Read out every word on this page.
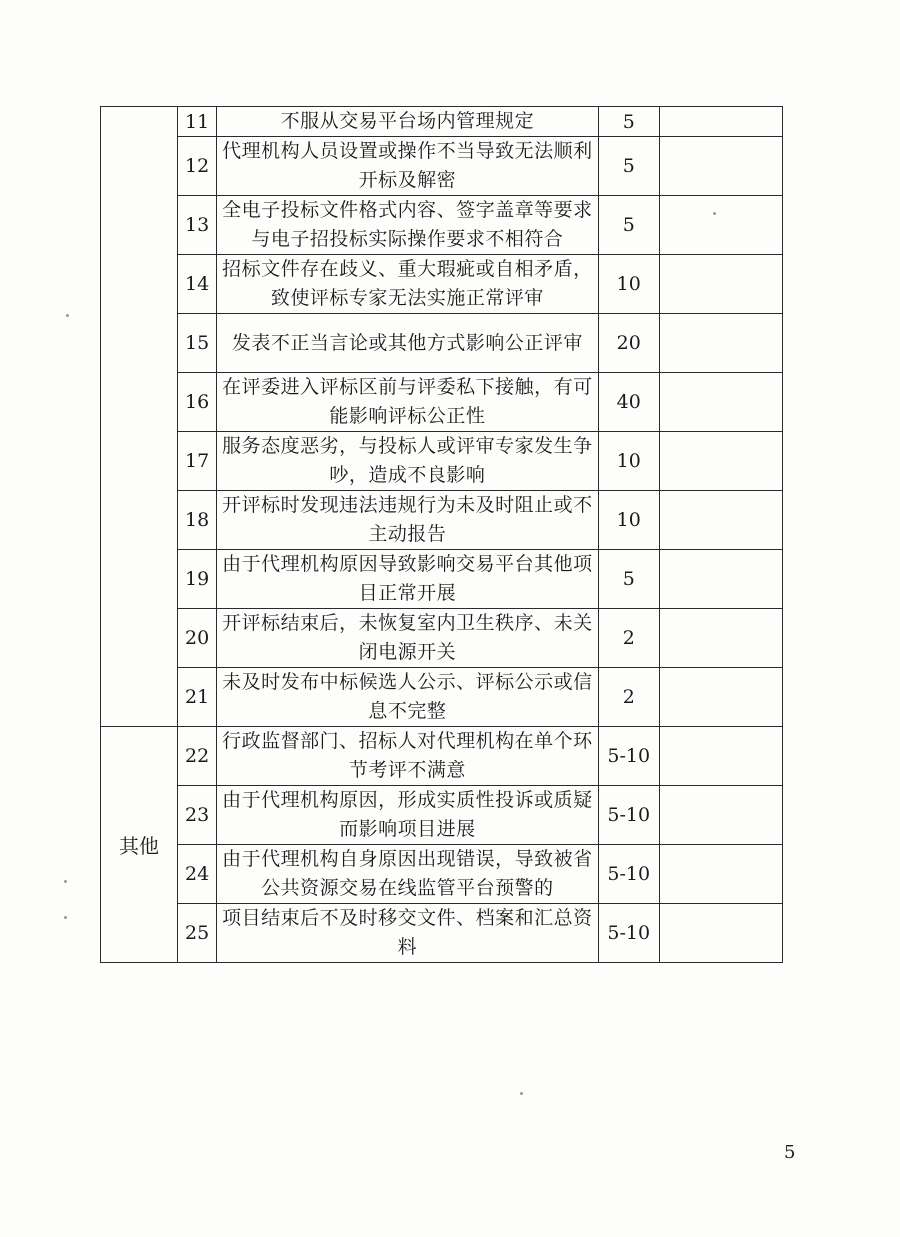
	11	不服从交易平台场内管理规定	5	
	12	代理机构人员设置或操作不当导致无法顺利开标及解密	5	
	13	全电子投标文件格式内容、签字盖章等要求与电子招投标实际操作要求不相符合	5	
	14	招标文件存在歧义、重大瑕疵或自相矛盾，致使评标专家无法实施正常评审	10	
	15	发表不正当言论或其他方式影响公正评审	20	
	16	在评委进入评标区前与评委私下接触，有可能影响评标公正性	40	
	17	服务态度恶劣，与投标人或评审专家发生争吵，造成不良影响	10	
	18	开评标时发现违法违规行为未及时阻止或不主动报告	10	
	19	由于代理机构原因导致影响交易平台其他项目正常开展	5	
	20	开评标结束后，未恢复室内卫生秩序、未关闭电源开关	2	
	21	未及时发布中标候选人公示、评标公示或信息不完整	2	
其他	22	行政监督部门、招标人对代理机构在单个环节考评不满意	5-10	
	23	由于代理机构原因，形成实质性投诉或质疑而影响项目进展	5-10	
	24	由于代理机构自身原因出现错误，导致被省公共资源交易在线监管平台预警的	5-10	
	25	项目结束后不及时移交文件、档案和汇总资料	5-10	
5
